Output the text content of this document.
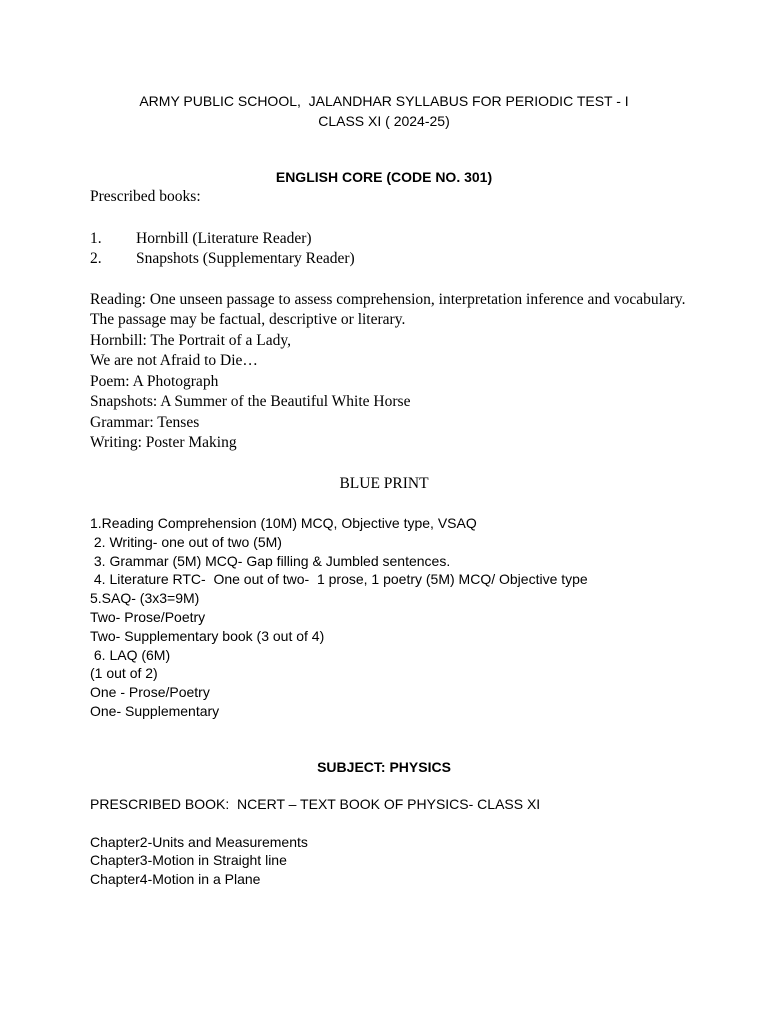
ARMY PUBLIC SCHOOL,  JALANDHAR SYLLABUS FOR PERIODIC TEST - I
CLASS XI ( 2024-25)
ENGLISH CORE (CODE NO. 301)
Prescribed books:
1. Hornbill (Literature Reader)
2. Snapshots (Supplementary Reader)
Reading: One unseen passage to assess comprehension, interpretation inference and vocabulary.
The passage may be factual, descriptive or literary.
Hornbill: The Portrait of a Lady,
We are not Afraid to Die…
Poem: A Photograph
Snapshots: A Summer of the Beautiful White Horse
Grammar: Tenses
Writing: Poster Making
BLUE PRINT
1.Reading Comprehension (10M) MCQ, Objective type, VSAQ
2. Writing- one out of two (5M)
3. Grammar (5M) MCQ- Gap filling & Jumbled sentences.
4. Literature RTC-  One out of two-  1 prose, 1 poetry (5M) MCQ/ Objective type
5.SAQ- (3x3=9M)
Two- Prose/Poetry
Two- Supplementary book (3 out of 4)
6. LAQ (6M)
(1 out of 2)
One - Prose/Poetry
One- Supplementary
SUBJECT: PHYSICS
PRESCRIBED BOOK:  NCERT – TEXT BOOK OF PHYSICS- CLASS XI
Chapter2-Units and Measurements
Chapter3-Motion in Straight line
Chapter4-Motion in a Plane
